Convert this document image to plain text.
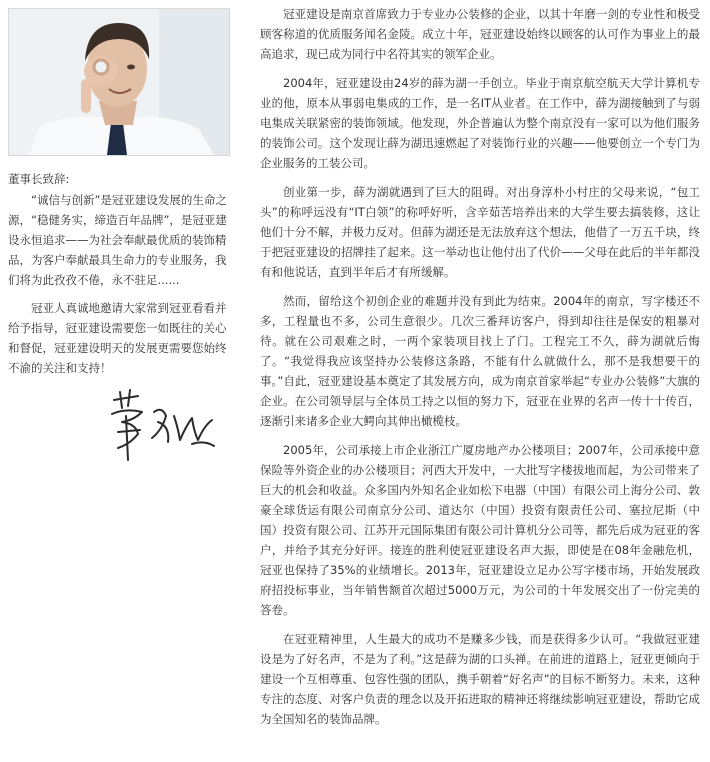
董事长致辞:

“诚信与创新”是冠亚建设发展的生命之源，“稳健务实，缔造百年品牌”，是冠亚建设永恒追求——为社会奉献最优质的装饰精品，为客户奉献最具生命力的专业服务，我们将为此孜孜不倦，永不驻足......

冠亚人真诚地邀请大家常到冠亚看看并给予指导，冠亚建设需要您一如既往的关心和督促，冠亚建设明天的发展更需要您始终不渝的关注和支持！

冠亚建设是南京首席致力于专业办公装修的企业，以其十年磨一剑的专业性和极受顾客称道的优质服务闻名金陵。成立十年，冠亚建设始终以顾客的认可作为事业上的最高追求，现已成为同行中名符其实的领军企业。

2004年，冠亚建设由24岁的薛为湖一手创立。毕业于南京航空航天大学计算机专业的他，原本从事弱电集成的工作，是一名IT从业者。在工作中，薛为湖接触到了与弱电集成关联紧密的装饰领域。他发现，外企普遍认为整个南京没有一家可以为他们服务的装饰公司。这个发现让薛为湖迅速燃起了对装饰行业的兴趣——他要创立一个专门为企业服务的工装公司。

创业第一步，薛为湖就遇到了巨大的阻碍。对出身淳朴小村庄的父母来说，“包工头”的称呼远没有“IT白领”的称呼好听，含辛茹苦培养出来的大学生要去搞装修，这让他们十分不解，并极力反对。但薛为湖还是无法放弃这个想法，他借了一万五千块，终于把冠亚建设的招牌挂了起来。这一举动也让他付出了代价——父母在此后的半年都没有和他说话，直到半年后才有所缓解。

然而，留给这个初创企业的难题并没有到此为结束。2004年的南京，写字楼还不多，工程量也不多，公司生意很少。几次三番拜访客户，得到却往往是保安的粗暴对待。就在公司艰难之时，一两个家装项目找上了门。工程完工不久，薛为湖就后悔了。“我觉得我应该坚持办公装修这条路，不能有什么就做什么，那不是我想要干的事。”自此，冠亚建设基本奠定了其发展方向，成为南京首家举起“专业办公装修”大旗的企业。在公司领导层与全体员工持之以恒的努力下，冠亚在业界的名声一传十十传百，逐渐引来诸多企业大鳄向其伸出橄榄枝。

2005年，公司承接上市企业浙江广厦房地产办公楼项目；2007年，公司承接中意保险等外资企业的办公楼项目；河西大开发中，一大批写字楼拔地而起，为公司带来了巨大的机会和收益。众多国内外知名企业如松下电器（中国）有限公司上海分公司、敦豪全球货运有限公司南京分公司、道达尔（中国）投资有限责任公司、塞拉尼斯（中国）投资有限公司、江苏开元国际集团有限公司计算机分公司等，都先后成为冠亚的客户，并给予其充分好评。接连的胜利使冠亚建设名声大振，即使是在08年金融危机，冠亚也保持了35%的业绩增长。2013年，冠亚建设立足办公写字楼市场，开始发展政府招投标事业，当年销售额首次超过5000万元，为公司的十年发展交出了一份完美的答卷。

在冠亚精神里，人生最大的成功不是赚多少钱，而是获得多少认可。“我做冠亚建设是为了好名声，不是为了利。”这是薛为湖的口头禅。在前进的道路上，冠亚更倾向于建设一个互相尊重、包容性强的团队，携手朝着“好名声”的目标不断努力。未来，这种专注的态度、对客户负责的理念以及开拓进取的精神还将继续影响冠亚建设，帮助它成为全国知名的装饰品牌。
